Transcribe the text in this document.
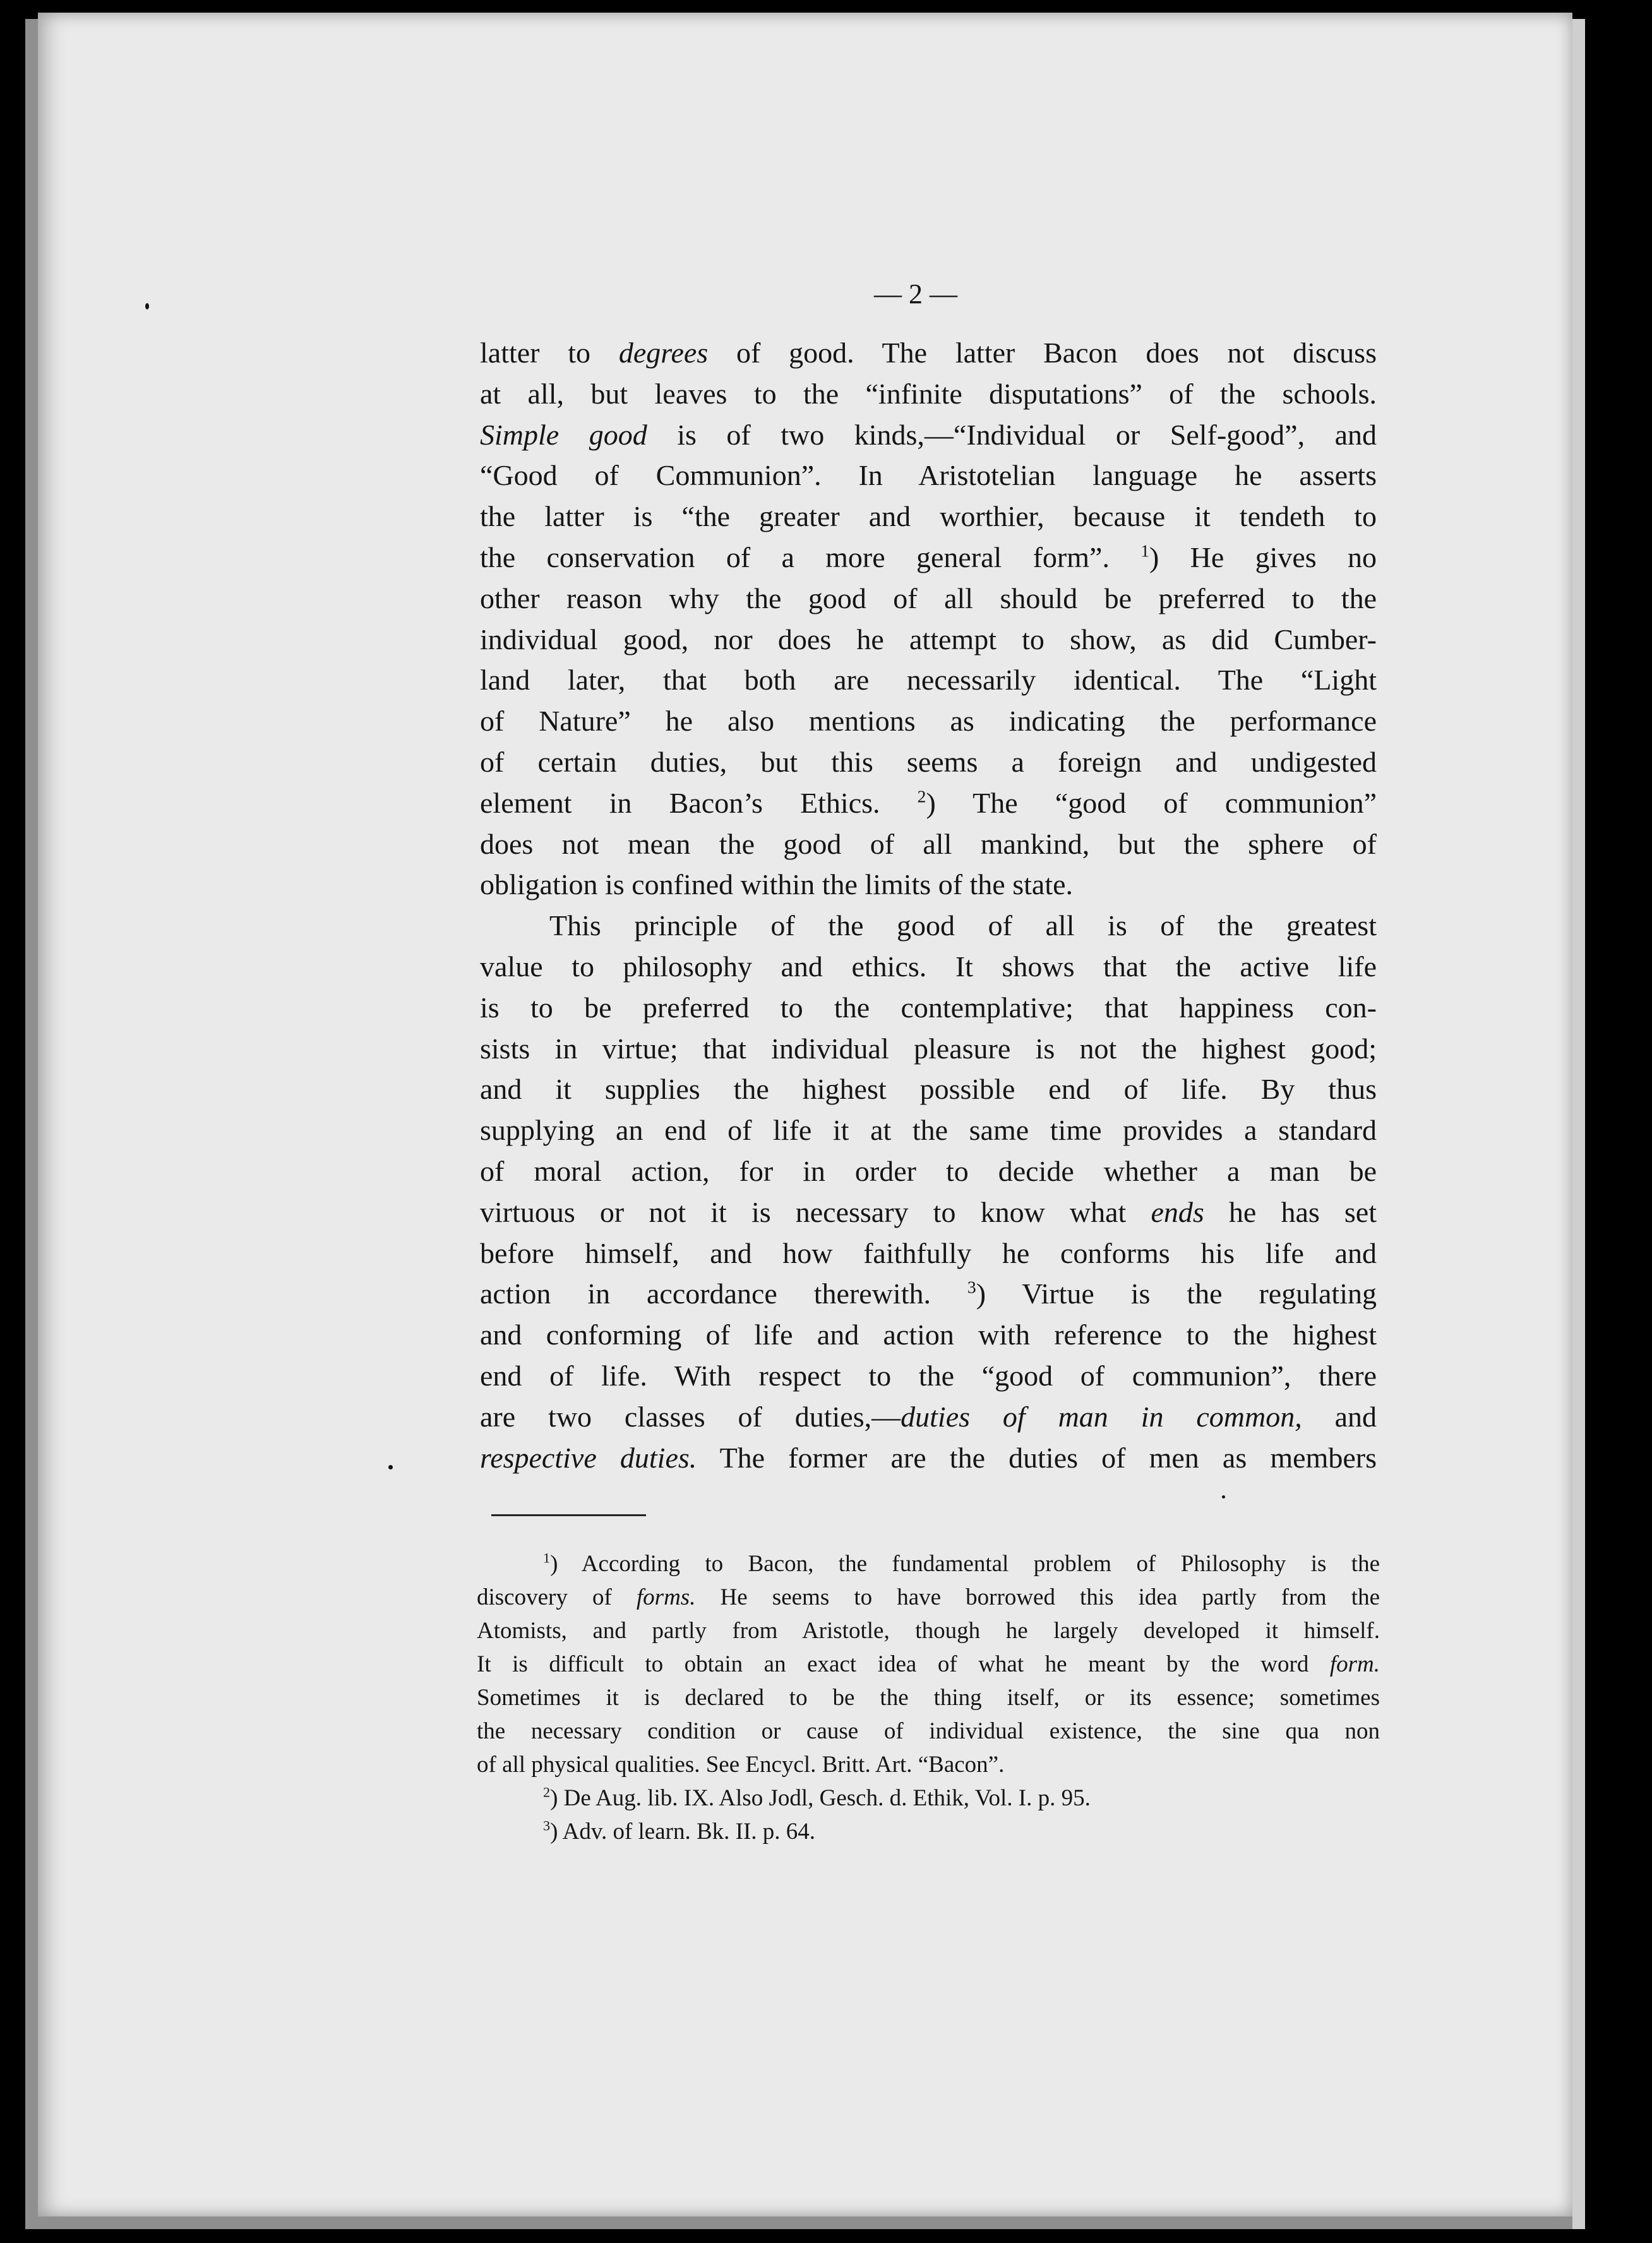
— 2 —
latter to degrees of good. The latter Bacon does not discuss
at all, but leaves to the “infinite disputations” of the schools.
Simple good is of two kinds,—“Individual or Self-good”, and
“Good of Communion”. In Aristotelian language he asserts
the latter is “the greater and worthier, because it tendeth to
the conservation of a more general form”. $^1$) He gives no
other reason why the good of all should be preferred to the
individual good, nor does he attempt to show, as did Cumber-
land later, that both are necessarily identical. The “Light
of Nature” he also mentions as indicating the performance
of certain duties, but this seems a foreign and undigested
element in Bacon’s Ethics. $^2$) The “good of communion”
does not mean the good of all mankind, but the sphere of
obligation is confined within the limits of the state.
This principle of the good of all is of the greatest
value to philosophy and ethics. It shows that the active life
is to be preferred to the contemplative; that happiness con-
sists in virtue; that individual pleasure is not the highest good;
and it supplies the highest possible end of life. By thus
supplying an end of life it at the same time provides a standard
of moral action, for in order to decide whether a man be
virtuous or not it is necessary to know what ends he has set
before himself, and how faithfully he conforms his life and
action in accordance therewith. $^3$) Virtue is the regulating
and conforming of life and action with reference to the highest
end of life. With respect to the “good of communion”, there
are two classes of duties,—duties of man in common, and
respective duties. The former are the duties of men as members
$^1$) According to Bacon, the fundamental problem of Philosophy is the
discovery of forms. He seems to have borrowed this idea partly from the
Atomists, and partly from Aristotle, though he largely developed it himself.
It is difficult to obtain an exact idea of what he meant by the word form.
Sometimes it is declared to be the thing itself, or its essence; sometimes
the necessary condition or cause of individual existence, the sine qua non
of all physical qualities. See Encycl. Britt. Art. “Bacon”.
$^2$) De Aug. lib. IX. Also Jodl, Gesch. d. Ethik, Vol. I. p. 95.
$^3$) Adv. of learn. Bk. II. p. 64.
